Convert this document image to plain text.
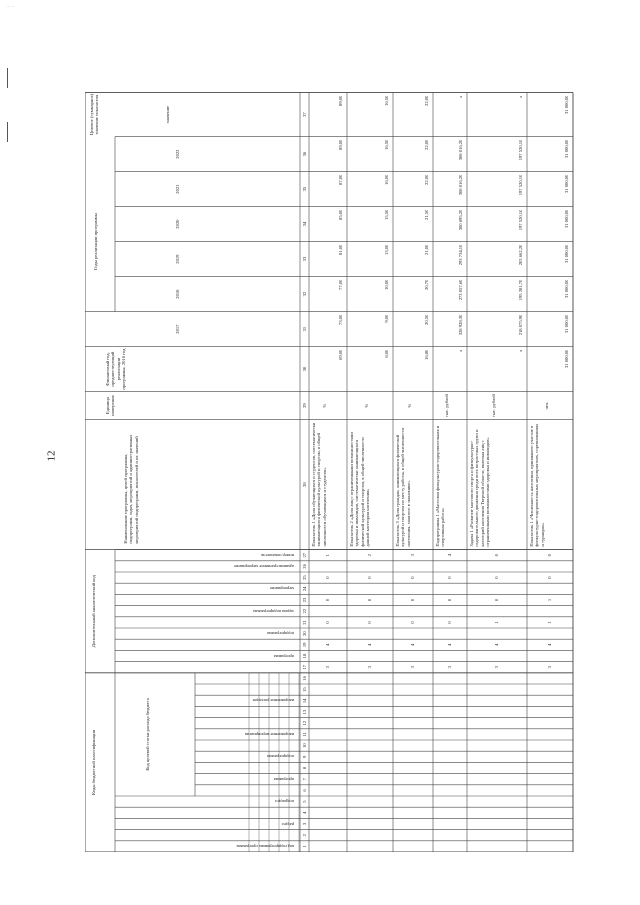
....
12
Коды бюджетной классификации
Дополнительный аналитический код
Код целевой статьи расхода бюджета
Наименование программы, целей программы, подпрограмм, задач, мероприятий и административных мероприятий подпрограмм, показателей и их значений
Единица измерения
Финансовый год, предшествующий реализации программы, 2016 год
Годы реализации программы
Целевое (суммарное) значение показателя	значение
код подпрограммы программы
раздел
подраздел
программа
подпрограмма
направление мероприятия
направление расходов
программа
подпрограмма
задача подпрограммы
мероприятие
административное мероприятие
номер показателя
2017
2018
2019
2020
2021
2022
1
2
3
4
5
6
7
8
9
10
11
12
13
14
15
16
17
18
19
20
21
22
23
24
25
26
27
28
29
30
31
32
33
34
35
36
37
3
4
0
0
0
1
Показатель 1 «Доля обучающихся и студентов, систематически занимающихся физической культурой и спортом, в общей численности обучающихся и студентов»
%
69,00
73,00
77,00
81,00
85,00
87,00
89,00
89,00
3
4
0
0
0
2
Показатель 2 «Доля лиц с ограниченными возможностями здоровья и инвалидов, систематически занимающихся физической культурой и спортом, в общей численности данной категории населения»
%
8,00
9,00
10,00
13,00
15,50
16,00
16,50
16,50
3
4
0
0
0
3
Показатель 3 «Доля граждан, занимающихся физической культурой и спортом по месту работы, в общей численности населения, занятого в экономике»
%
16,80
20,50
20,70
21,00
21,50
22,00
22,00
22,00
3
4
0
0
0
4
Подпрограмма 1 «Массовая физкультурно-оздоровительная и спортивная работа»
тыс. рублей
х
328 928,30
273 057,60
293 734,10
300 695,20
308 016,20
308 016,20
х
3
4
1
0
0
0
Задача 1 «Развитие массового спорта и физкультурно-оздоровительного движения среди всех возрастных групп и категорий населения Тверской области, включая лиц с ограниченными возможностями здоровья и инвалидов»
тыс. рублей
х
218 075,90
195 281,70
203 662,20
197 520,10
197 520,10
197 520,10
х
3
4
1
1
0
0
Показатель 1 «Численность населения, принявшего участие в физкультурно-оздоровительных мероприятиях, соревнованиях и турнирах»
чел.
31 000,00
31 000,00
31 000,00
31 000,00
31 000,00
31 000,00
31 000,00
31 000,00
